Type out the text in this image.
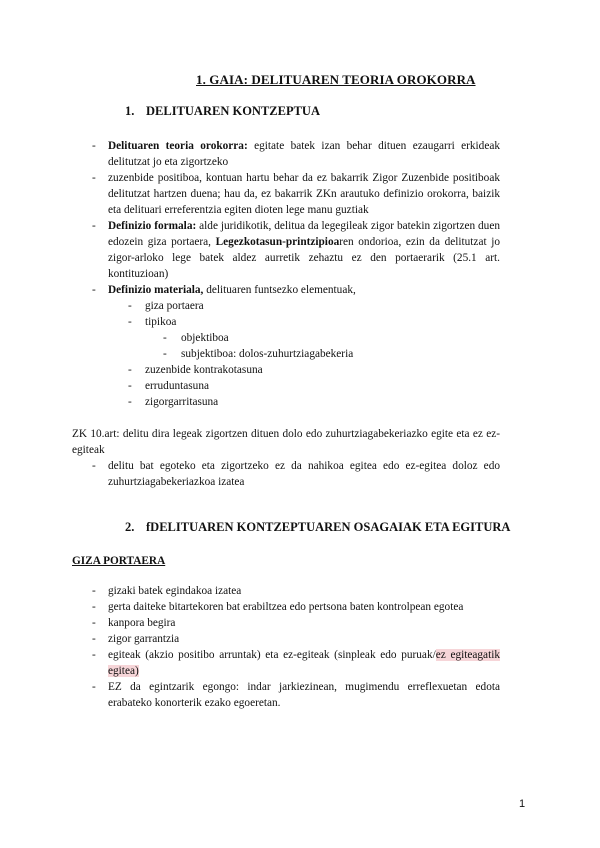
1. GAIA: DELITUAREN TEORIA OROKORRA
1. DELITUAREN KONTZEPTUA
- Delituaren teoria orokorra: egitate batek izan behar dituen ezaugarri erkideak delitutzat jo eta zigortzeko
- zuzenbide positiboa, kontuan hartu behar da ez bakarrik Zigor Zuzenbide positiboak delitutzat hartzen duena; hau da, ez bakarrik ZKn arautuko definizio orokorra, baizik eta delituari erreferentzia egiten dioten lege manu guztiak
- Definizio formala: alde juridikotik, delitua da legegileak zigor batekin zigortzen duen edozein giza portaera, Legezkotasun-printzipioaren ondorioa, ezin da delitutzat jo zigor-arloko lege batek aldez aurretik zehaztu ez den portaerarik (25.1 art. kontituzioan)
- Definizio materiala, delituaren funtsezko elementuak,
- giza portaera
- tipikoa
- objektiboa
- subjektiboa: dolos-zuhurtziagabekeria
- zuzenbide kontrakotasuna
- erruduntasuna
- zigorgarritasuna
ZK 10.art: delitu dira legeak zigortzen dituen dolo edo zuhurtziagabekeriazko egite eta ez ez-egiteak
- delitu bat egoteko eta zigortzeko ez da nahikoa egitea edo ez-egitea doloz edo zuhurtziagabekeriazkoa izatea
2. fDELITUAREN KONTZEPTUAREN OSAGAIAK ETA EGITURA
GIZA PORTAERA
- gizaki batek egindakoa izatea
- gerta daiteke bitartekoren bat erabiltzea edo pertsona baten kontrolpean egotea
- kanpora begira
- zigor garrantzia
- egiteak (akzio positibo arruntak) eta ez-egiteak (sinpleak edo puruak/ez egiteagatik egitea)
- EZ da egintzarik egongo: indar jarkiezinean, mugimendu erreflexuetan edota erabateko konorterik ezako egoeretan.
1
